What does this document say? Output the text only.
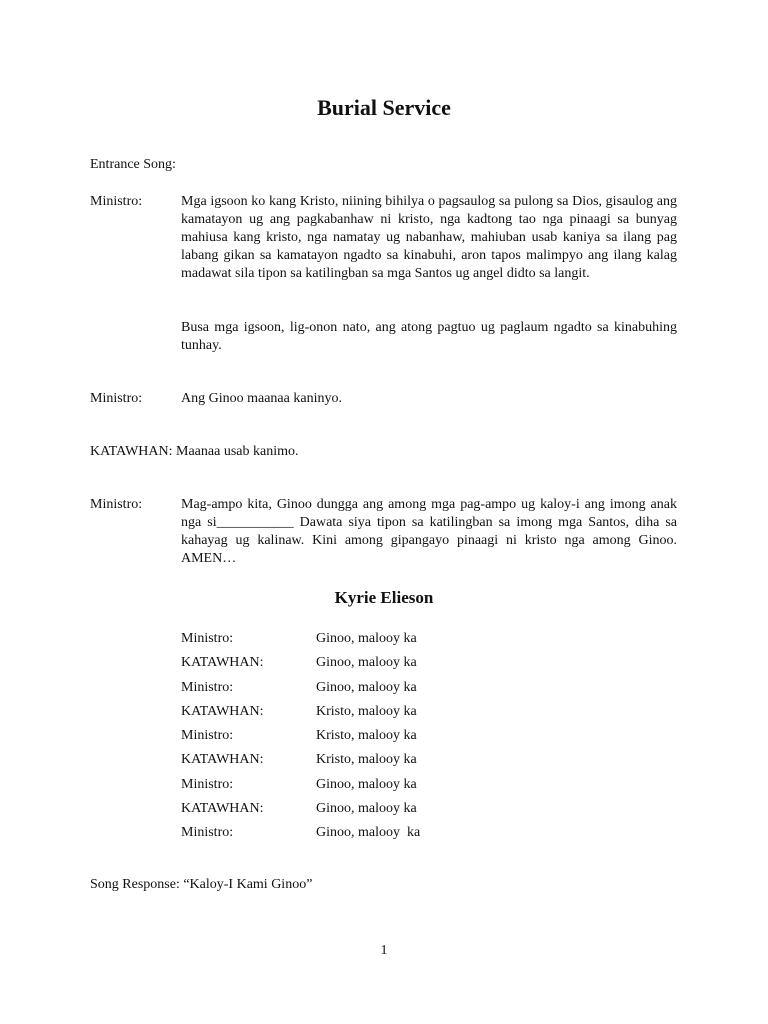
Burial Service
Entrance Song:
Ministro:	Mga igsoon ko kang Kristo, niining bihilya o pagsaulog sa pulong sa Dios, gisaulog ang kamatayon ug ang pagkabanhaw ni kristo, nga kadtong tao nga pinaagi sa bunyag mahiusa kang kristo, nga namatay ug nabanhaw, mahiuban usab kaniya sa ilang pag labang gikan sa kamatayon ngadto sa kinabuhi, aron tapos malimpyo ang ilang kalag madawat sila tipon sa katilingban sa mga Santos ug angel didto sa langit.
Busa mga igsoon, lig-onon nato, ang atong pagtuo ug paglaum ngadto sa kinabuhing tunhay.
Ministro:	Ang Ginoo maanaa kaninyo.
KATAWHAN: Maanaa usab kanimo.
Ministro:	Mag-ampo kita, Ginoo dungga ang among mga pag-ampo ug kaloy-i ang imong anak nga si___________ Dawata siya tipon sa katilingban sa imong mga Santos, diha sa kahayag ug kalinaw. Kini among gipangayo pinaagi ni kristo nga among Ginoo. AMEN…
Kyrie Elieson
Ministro:	Ginoo, malooy ka
KATAWHAN:	Ginoo, malooy ka
Ministro:	Ginoo, malooy ka
KATAWHAN:	Kristo, malooy ka
Ministro:	Kristo, malooy ka
KATAWHAN:	Kristo, malooy ka
Ministro:	Ginoo, malooy ka
KATAWHAN:	Ginoo, malooy ka
Ministro:	Ginoo, malooy  ka
Song Response: “Kaloy-I Kami Ginoo”
1
